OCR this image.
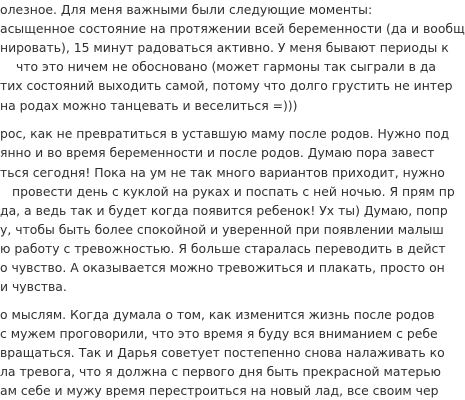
олезное. Для меня важными были следующие моменты:

асыщенное состояние на протяжении всей беременности (да и вообщ

нировать), 15 минут радоваться активно. У меня бывают периоды к

что это ничем не обосновано (может гармоны так сыграли в да

тих состояний выходить самой, потому что долго грустить не интер

на родах можно танцевать и веселиться =)))

рос, как не превратиться в уставшую маму после родов. Нужно под

янно и во время беременности и после родов. Думаю пора завест

ться сегодня! Пока на ум не так много вариантов приходит, нужно

провести день с куклой на руках и поспать с ней ночью. Я прям пр

да, а ведь так и будет когда появится ребенок! Ух ты) Думаю, попр

у, чтобы быть более спокойной и уверенной при появлении малыш

ю работу с тревожностью. Я больше старалась переводить в дейст

о чувство. А оказывается можно тревожиться и плакать, просто он

и чувства.

о мыслям. Когда думала о том, как изменится жизнь после родов

с мужем проговорили, что это время я буду вся вниманием с ребе

вращаться. Так и Дарья советует постепенно снова налаживать ко

ла тревога, что я должна с первого дня быть прекрасной матерью

ам себе и мужу время перестроиться на новый лад, все своим чер
